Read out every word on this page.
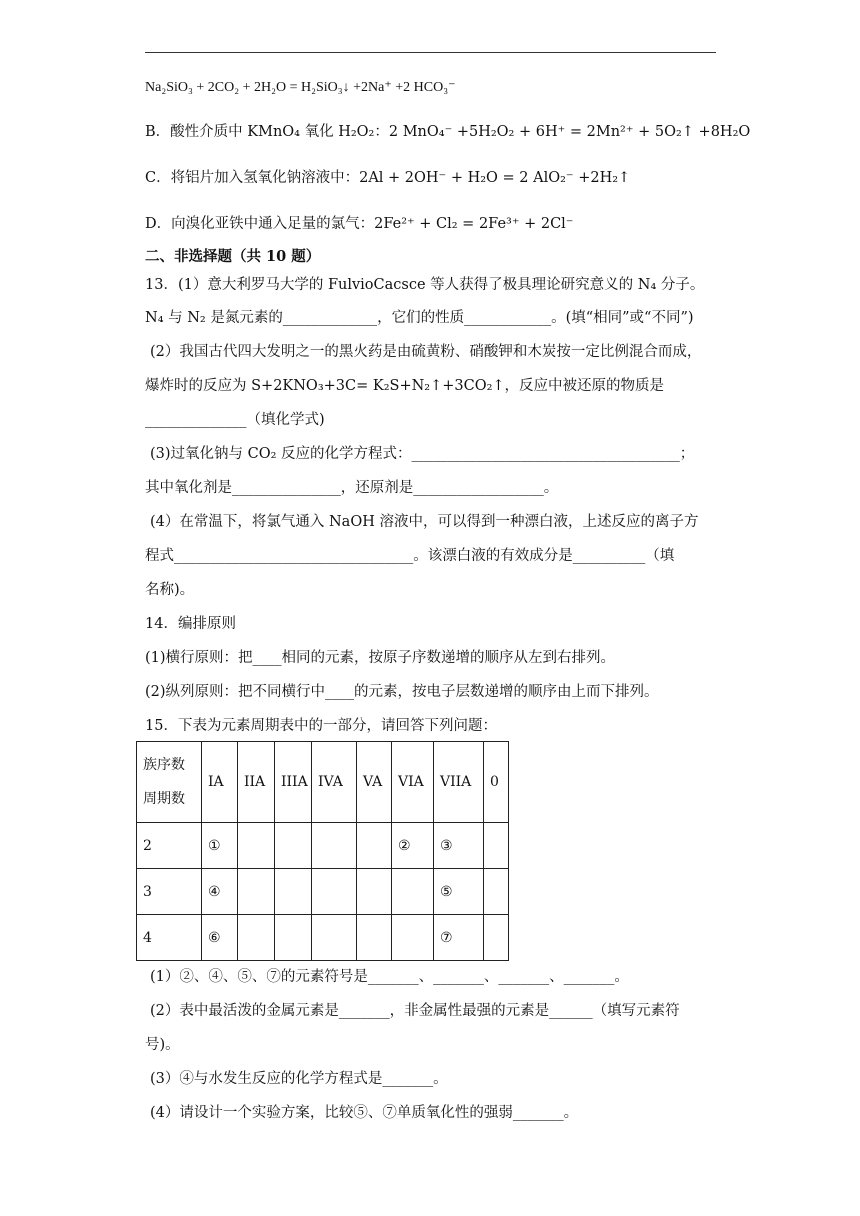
Na₂SiO₃ + 2CO₂ + 2H₂O = H₂SiO₃↓ +2Na⁺ +2 HCO₃⁻
B．酸性介质中 KMnO₄ 氧化 H₂O₂：2 MnO₄⁻ +5H₂O₂ + 6H⁺ = 2Mn²⁺ + 5O₂↑ +8H₂O
C．将铝片加入氢氧化钠溶液中：2Al + 2OH⁻ + H₂O = 2 AlO₂⁻ +2H₂↑
D．向溴化亚铁中通入足量的氯气：2Fe²⁺ + Cl₂ = 2Fe³⁺ + 2Cl⁻
二、非选择题（共 10 题）
13．(1）意大利罗马大学的 FulvioCacsce 等人获得了极具理论研究意义的 N₄ 分子。
N₄ 与 N₂ 是氮元素的_____________，它们的性质____________。(填“相同”或“不同”)
(2）我国古代四大发明之一的黑火药是由硫黄粉、硝酸钾和木炭按一定比例混合而成，
爆炸时的反应为 S+2KNO₃+3C= K₂S+N₂↑+3CO₂↑，反应中被还原的物质是
______________（填化学式)
(3)过氧化钠与 CO₂ 反应的化学方程式：_____________________________________；
其中氧化剂是_______________，还原剂是__________________。
(4）在常温下，将氯气通入 NaOH 溶液中，可以得到一种漂白液，上述反应的离子方
程式_________________________________。该漂白液的有效成分是__________（填
名称)。
14．编排原则
(1)横行原则：把____相同的元素，按原子序数递增的顺序从左到右排列。
(2)纵列原则：把不同横行中____的元素，按电子层数递增的顺序由上而下排列。
15．下表为元素周期表中的一部分，请回答下列问题：
族序数
周期数	IA	IIA	IIIA	IVA	VA	VIA	VIIA	0
2	①					②	③	
3	④						⑤	
4	⑥						⑦	
(1）②、④、⑤、⑦的元素符号是_______、_______、_______、_______。
(2）表中最活泼的金属元素是_______，非金属性最强的元素是______（填写元素符
号)。
(3）④与水发生反应的化学方程式是_______。
(4）请设计一个实验方案，比较⑤、⑦单质氧化性的强弱_______。
